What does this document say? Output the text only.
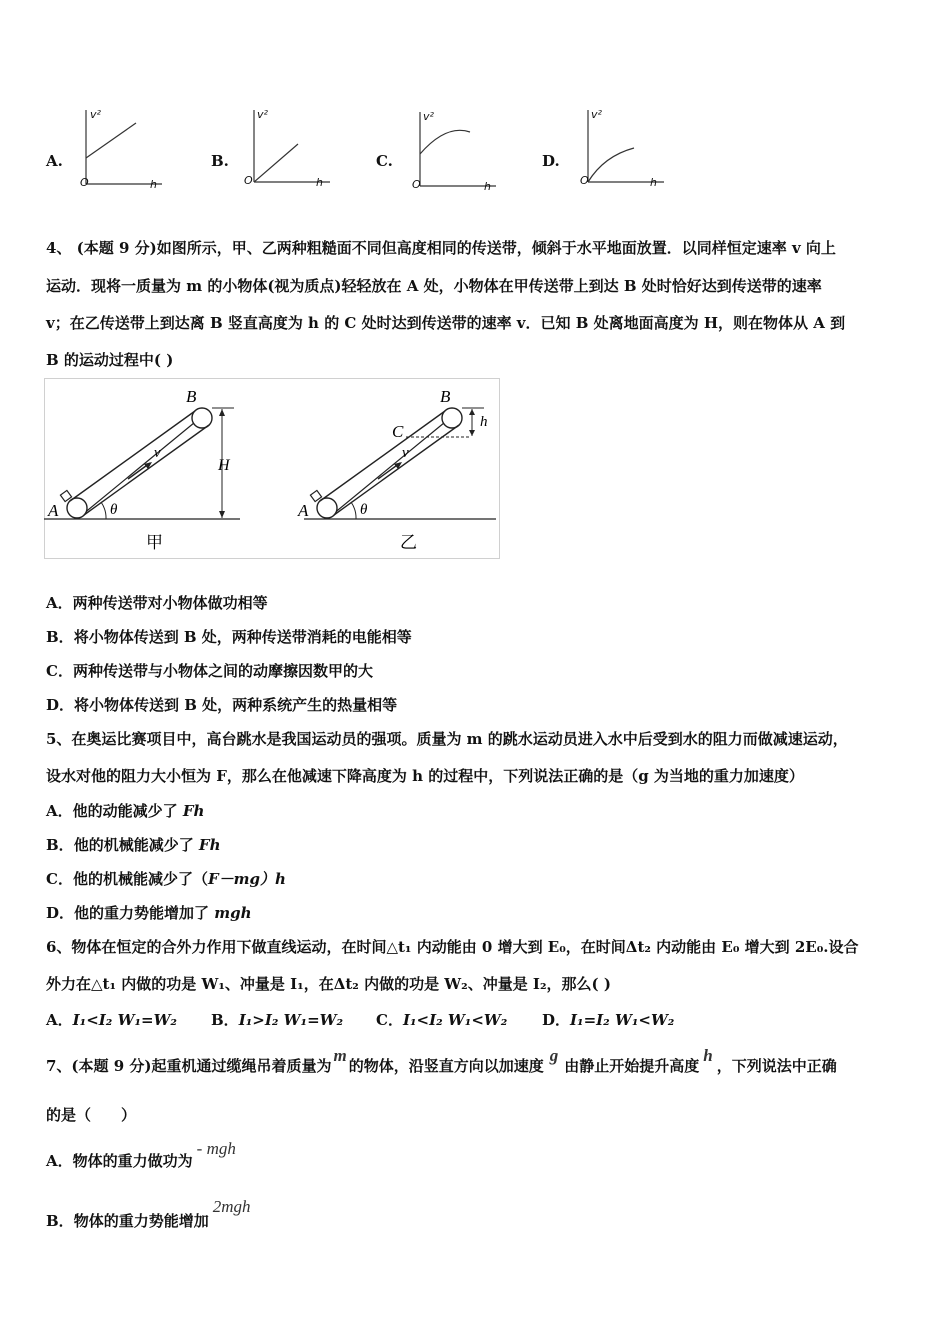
A.
v²
O	h
B.
v²
O	h
C.
v²
O	h
D.
v²
O	h
4、 (本题 9 分)如图所示，甲、乙两种粗糙面不同但高度相同的传送带，倾斜于水平地面放置．以同样恒定速率 v 向上
运动．现将一质量为 m 的小物体(视为质点)轻轻放在 A 处，小物体在甲传送带上到达 B 处时恰好达到传送带的速率
v；在乙传送带上到达离 B 竖直高度为 h 的 C 处时达到传送带的速率 v．已知 B 处离地面高度为 H，则在物体从 A 到
B 的运动过程中( )
A
B
v
θ
H
甲
A
B
C
v
θ
h
乙
A．两种传送带对小物体做功相等
B．将小物体传送到 B 处，两种传送带消耗的电能相等
C．两种传送带与小物体之间的动摩擦因数甲的大
D．将小物体传送到 B 处，两种系统产生的热量相等
5、在奥运比赛项目中，高台跳水是我国运动员的强项。质量为 m 的跳水运动员进入水中后受到水的阻力而做减速运动，
设水对他的阻力大小恒为 F，那么在他减速下降高度为 h 的过程中，下列说法正确的是（g 为当地的重力加速度）
A．他的动能减少了 Fh
B．他的机械能减少了 Fh
C．他的机械能减少了（F－mg）h
D．他的重力势能增加了 mgh
6、物体在恒定的合外力作用下做直线运动，在时间△t₁ 内动能由 0 增大到 E₀，在时间Δt₂ 内动能由 E₀ 增大到 2E₀.设合
外力在△t₁ 内做的功是 W₁、冲量是 I₁，在Δt₂ 内做的功是 W₂、冲量是 I₂，那么( )
A．I₁<I₂ W₁=W₂ B．I₁>I₂ W₁=W₂ C．I₁<I₂ W₁<W₂ D．I₁=I₂ W₁<W₂
7、(本题 9 分)起重机通过缆绳吊着质量为m的物体，沿竖直方向以加速度g由静止开始提升高度h，下列说法中正确
的是（　　）
A．物体的重力做功为- mgh
B．物体的重力势能增加2mgh
